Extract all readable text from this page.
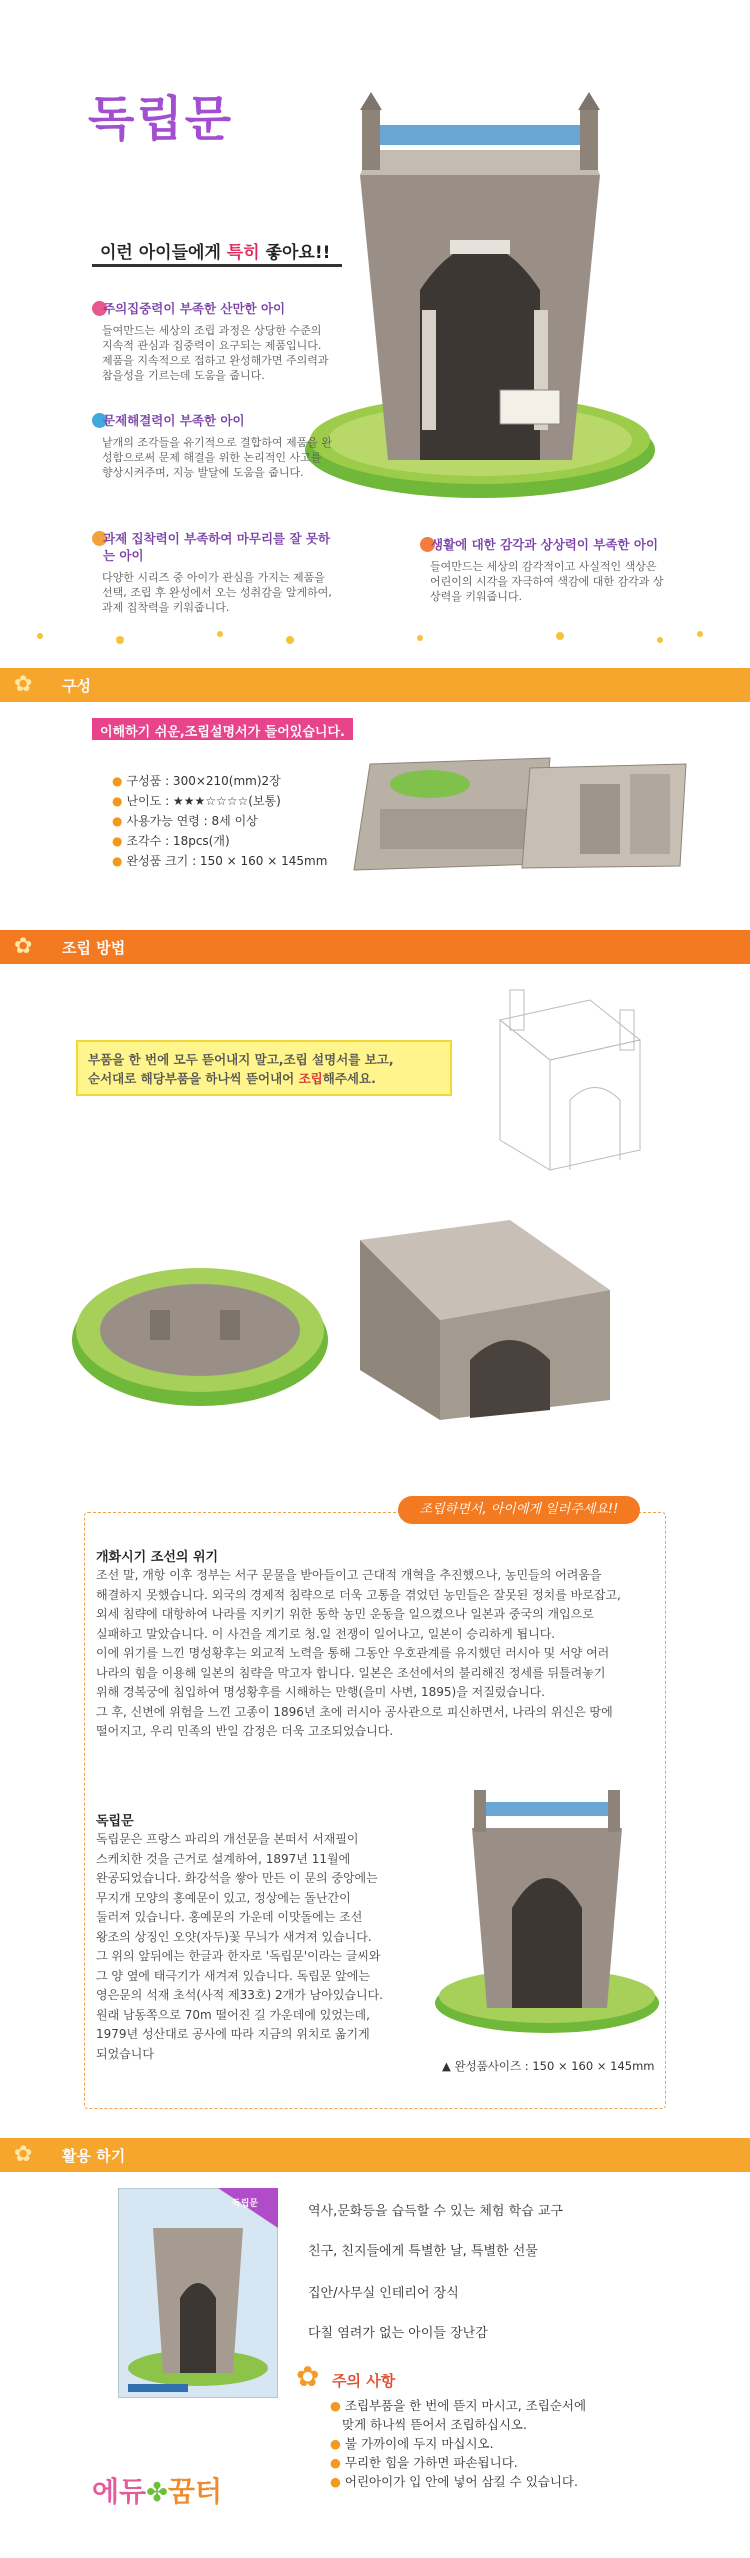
독립문
이런 아이들에게 특히 좋아요!!
주의집중력이 부족한 산만한 아이

들여만드는 세상의 조립 과정은 상당한 수준의 지속적 관심과 집중력이 요구되는 제품입니다. 제품을 지속적으로 접하고 완성해가면 주의력과 참을성을 기르는데 도움을 줍니다.

문제해결력이 부족한 아이

낱개의 조각들을 유기적으로 결합하여 제품을 완성함으로써 문제 해결을 위한 논리적인 사고를 향상시켜주며, 지능 발달에 도움을 줍니다.

과제 집착력이 부족하여 마무리를 잘 못하는 아이

다양한 시리즈 중 아이가 관심을 가지는 제품을 선택, 조립 후 완성에서 오는 성취감을 알게하여, 과제 집착력을 키워줍니다.

생활에 대한 감각과 상상력이 부족한 아이

들여만드는 세상의 감각적이고 사실적인 색상은 어린이의 시각을 자극하여 색감에 대한 감각과 상상력을 키워줍니다.

✿ 구성
이해하기 쉬운,조립설명서가 들어있습니다.
● 구성품 : 300×210(mm)2장
● 난이도 : ★★★☆☆☆☆(보통)
● 사용가능 연령 : 8세 이상
● 조각수 : 18pcs(개)
● 완성품 크기 : 150 × 160 × 145mm
✿ 조립 방법
부품을 한 번에 모두 뜯어내지 말고,조립 설명서를 보고,
순서대로 해당부품을 하나씩 뜯어내어 조립해주세요.
조립하면서, 아이에게 일러주세요!!
개화시기 조선의 위기
조선 말, 개항 이후 정부는 서구 문물을 받아들이고 근대적 개혁을 추진했으나, 농민들의 어려움을
해결하지 못했습니다. 외국의 경제적 침략으로 더욱 고통을 겪었던 농민들은 잘못된 정치를 바로잡고,
외세 침략에 대항하여 나라를 지키기 위한 동학 농민 운동을 일으켰으나 일본과 중국의 개입으로
실패하고 말았습니다. 이 사건을 계기로 청.일 전쟁이 일어나고, 일본이 승리하게 됩니다.
이에 위기를 느낀 명성황후는 외교적 노력을 통해 그동안 우호관계를 유지했던 러시아 및 서양 여러
나라의 힘을 이용해 일본의 침략을 막고자 합니다. 일본은 조선에서의 불리해진 정세를 뒤틀려놓기
위해 경복궁에 침입하여 명성황후를 시해하는 만행(을미 사변, 1895)을 저질렀습니다.
그 후, 신변에 위험을 느낀 고종이 1896년 초에 러시아 공사관으로 피신하면서, 나라의 위신은 땅에
떨어지고, 우리 민족의 반일 감정은 더욱 고조되었습니다.
독립문
독립문은 프랑스 파리의 개선문을 본떠서 서재필이
스케치한 것을 근거로 설계하여, 1897년 11월에
완공되었습니다. 화강석을 쌓아 만든 이 문의 중앙에는
무지개 모양의 홍예문이 있고, 정상에는 돌난간이
둘러져 있습니다. 홍예문의 가운데 이맛돌에는 조선
왕조의 상징인 오얏(자두)꽃 무늬가 새겨져 있습니다.
그 위의 앞뒤에는 한글과 한자로 '독립문'이라는 글씨와
그 양 옆에 태극기가 새겨져 있습니다. 독립문 앞에는
영은문의 석재 초석(사적 제33호) 2개가 남아있습니다.
원래 남동쪽으로 70m 떨어진 길 가운데에 있었는데,
1979년 성산대로 공사에 따라 지금의 위치로 옮기게
되었습니다
▲ 완성품사이즈 : 150 × 160 × 145mm
✿ 활용 하기
독립문	역사,문화등을 습득할 수 있는 체험 학습 교구
친구, 친지들에게 특별한 날, 특별한 선물
집안/사무실 인테리어 장식
다칠 염려가 없는 아이들 장난감
✿ 주의 사항
● 조립부품을 한 번에 뜯지 마시고, 조립순서에
맞게 하나씩 뜯어서 조립하십시오.
● 불 가까이에 두지 마십시오.
● 무리한 힘을 가하면 파손됩니다.
● 어린아이가 입 안에 넣어 삼킬 수 있습니다.
에듀✤꿈터
